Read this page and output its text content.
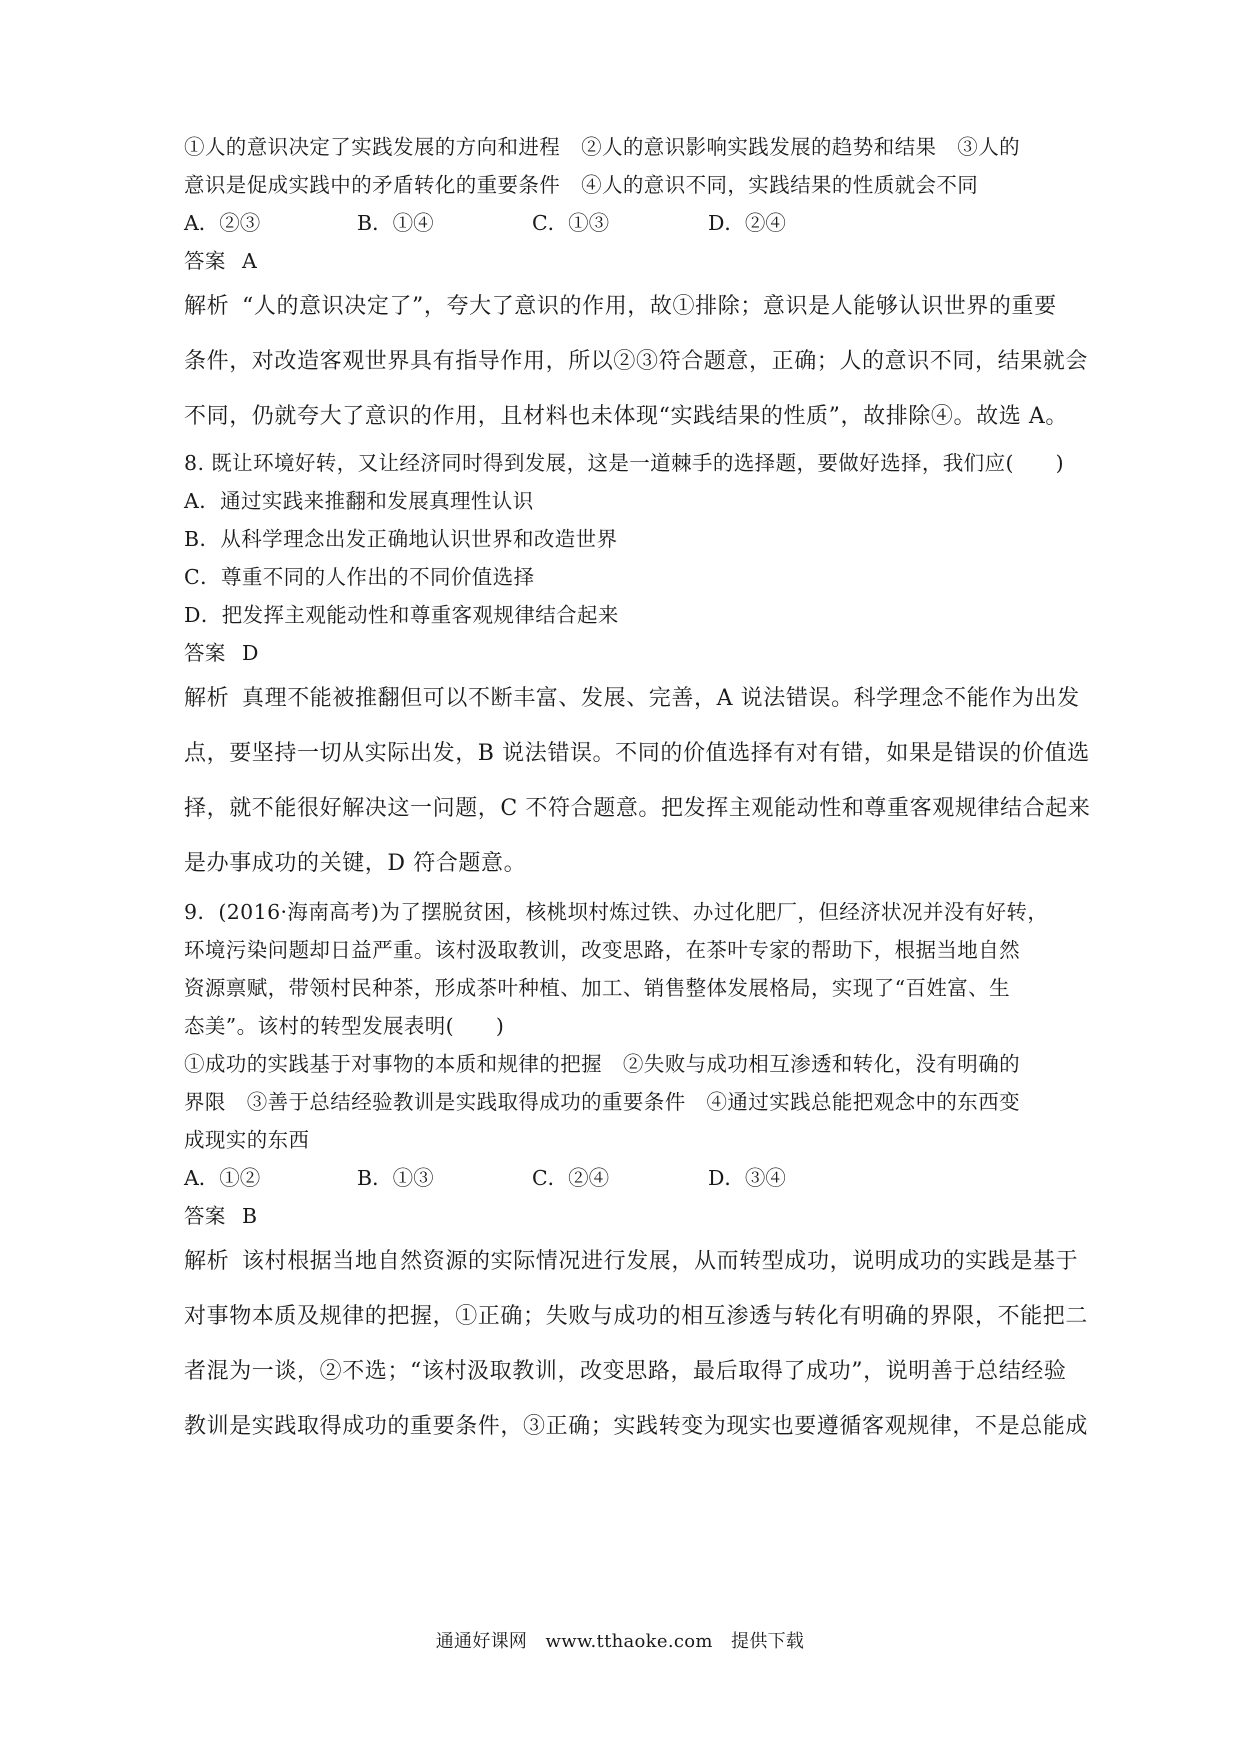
①人的意识决定了实践发展的方向和进程　②人的意识影响实践发展的趋势和结果　③人的
意识是促成实践中的矛盾转化的重要条件　④人的意识不同，实践结果的性质就会不同
A．②③	B．①④	C．①③	D．②④
答案 A
解析 “人的意识决定了”，夸大了意识的作用，故①排除；意识是人能够认识世界的重要
条件，对改造客观世界具有指导作用，所以②③符合题意，正确；人的意识不同，结果就会
不同，仍就夸大了意识的作用，且材料也未体现“实践结果的性质”，故排除④。故选 A。
8. 既让环境好转，又让经济同时得到发展，这是一道棘手的选择题，要做好选择，我们应(　　)
A．通过实践来推翻和发展真理性认识
B．从科学理念出发正确地认识世界和改造世界
C．尊重不同的人作出的不同价值选择
D．把发挥主观能动性和尊重客观规律结合起来
答案 D
解析 真理不能被推翻但可以不断丰富、发展、完善，A 说法错误。科学理念不能作为出发
点，要坚持一切从实际出发，B 说法错误。不同的价值选择有对有错，如果是错误的价值选
择，就不能很好解决这一问题，C 不符合题意。把发挥主观能动性和尊重客观规律结合起来
是办事成功的关键，D 符合题意。
9．(2016·海南高考)为了摆脱贫困，核桃坝村炼过铁、办过化肥厂，但经济状况并没有好转，
环境污染问题却日益严重。该村汲取教训，改变思路，在茶叶专家的帮助下，根据当地自然
资源禀赋，带领村民种茶，形成茶叶种植、加工、销售整体发展格局，实现了“百姓富、生
态美”。该村的转型发展表明(　　)
①成功的实践基于对事物的本质和规律的把握　②失败与成功相互渗透和转化，没有明确的
界限　③善于总结经验教训是实践取得成功的重要条件　④通过实践总能把观念中的东西变
成现实的东西
A．①②	B．①③	C．②④	D．③④
答案 B
解析 该村根据当地自然资源的实际情况进行发展，从而转型成功，说明成功的实践是基于
对事物本质及规律的把握，①正确；失败与成功的相互渗透与转化有明确的界限，不能把二
者混为一谈，②不选；“该村汲取教训，改变思路，最后取得了成功”，说明善于总结经验
教训是实践取得成功的重要条件，③正确；实践转变为现实也要遵循客观规律，不是总能成
通通好课网　www.tthaoke.com　提供下载
